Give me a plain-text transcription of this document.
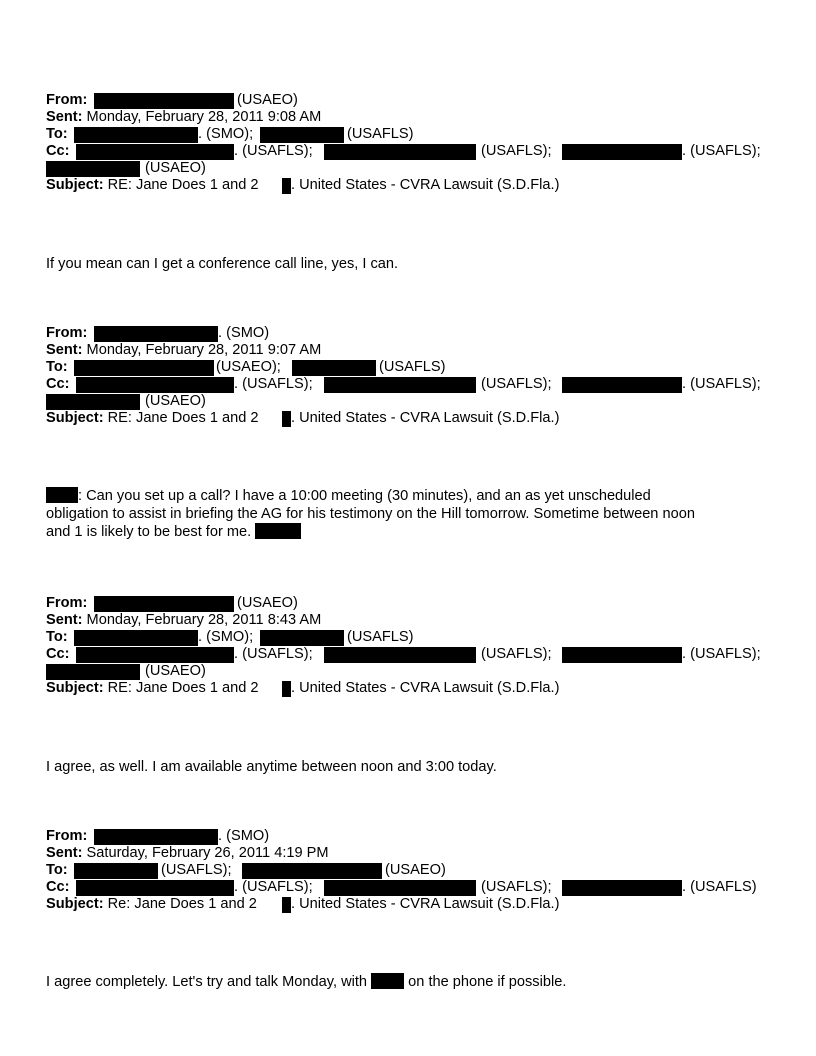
From:	(USAEO)
Sent: Monday, February 28, 2011 9:08 AM
To:	. (SMO);	(USAFLS)
Cc:	. (USAFLS);	(USAFLS);	. (USAFLS);
(USAEO)
Subject: RE: Jane Does 1 and 2 . United States - CVRA Lawsuit (S.D.Fla.)
If you mean can I get a conference call line, yes, I can.
From:	. (SMO)
Sent: Monday, February 28, 2011 9:07 AM
To:	(USAEO);	(USAFLS)
Cc:	. (USAFLS);	(USAFLS);	. (USAFLS);
(USAEO)
Subject: RE: Jane Does 1 and 2 . United States - CVRA Lawsuit (S.D.Fla.)
: Can you set up a call? I have a 10:00 meeting (30 minutes), and an as yet unscheduled
obligation to assist in briefing the AG for his testimony on the Hill tomorrow. Sometime between noon
and 1 is likely to be best for me.
From:	(USAEO)
Sent: Monday, February 28, 2011 8:43 AM
To:	. (SMO);	(USAFLS)
Cc:	. (USAFLS);	(USAFLS);	. (USAFLS);
(USAEO)
Subject: RE: Jane Does 1 and 2 . United States - CVRA Lawsuit (S.D.Fla.)
I agree, as well. I am available anytime between noon and 3:00 today.
From:	. (SMO)
Sent: Saturday, February 26, 2011 4:19 PM
To:	(USAFLS);	(USAEO)
Cc:	. (USAFLS);	(USAFLS);	. (USAFLS)
Subject: Re: Jane Does 1 and 2 . United States - CVRA Lawsuit (S.D.Fla.)
I agree completely. Let's try and talk Monday, with	on the phone if possible.
